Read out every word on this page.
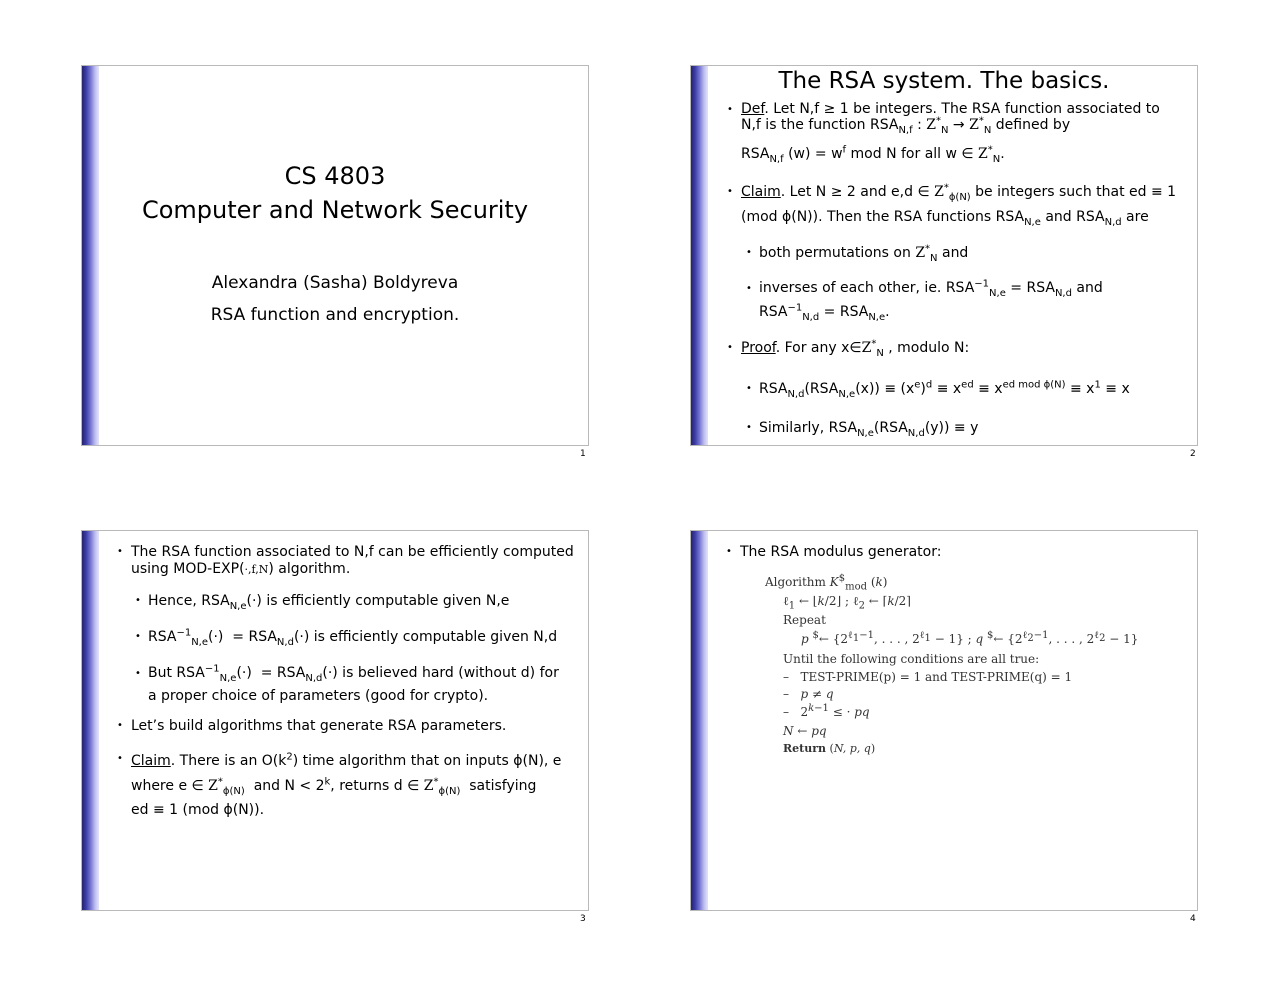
CS 4803
Computer and Network Security
Alexandra (Sasha) Boldyreva
RSA function and encryption.
1
The RSA system. The basics.
• Def. Let N,f ≥ 1 be integers. The RSA function associated to
N,f is the function $RSA_{N,f}$ : $Z^*_N \to Z^*_N$ defined by
$RSA_{N,f}$ $(w) = w^f$ mod N for all w ∈ $Z^*_N$.
• Claim. Let N ≥ 2 and e,d ∈ $Z^*_{\phi(N)}$ be integers such that ed ≡ 1
(mod ϕ(N)). Then the RSA functions $RSA_{N,e}$ and $RSA_{N,d}$ are
• both permutations on $Z^*_N$ and
• inverses of each other, ie. $RSA^{-1}_{N,e} = RSA_{N,d}$ and
$RSA^{-1}_{N,d} = RSA_{N,e}$.
• Proof. For any $x\in Z^*_N$ , modulo N:
• $RSA_{N,d}(RSA_{N,e}(x)) \equiv (x^e)^d \equiv x^{ed} \equiv x^{ed mod \phi(N)} \equiv x^1 \equiv x$
• Similarly, $RSA_{N,e}(RSA_{N,d}(y)) \equiv y$
2
• The RSA function associated to N,f can be efficiently computed
using MOD-EXP(·,f,N) algorithm.
• Hence, $RSA_{N,e}(\cdot)$ is efficiently computable given N,e
• $RSA^{-1}_{N,e}(\cdot) = RSA_{N,d}(\cdot)$ is efficiently computable given N,d
• But $RSA^{-1}_{N,e}(\cdot) = RSA_{N,d}(\cdot)$ is believed hard (without d) for
a proper choice of parameters (good for crypto).
• Let’s build algorithms that generate RSA parameters.
• Claim. There is an $O(k^2)$ time algorithm that on inputs ϕ(N), e
where e ∈ $Z^*_{\phi(N)}$  and $N < 2^k$, returns d ∈ $Z^*_{\phi(N)}$  satisfying
ed ≡ 1 (mod ϕ(N)).
3
• The RSA modulus generator:
Algorithm $K^{\$}_{mod}$ (k)
ℓ$_1$ ← ⌊k/2⌋ ; ℓ$_2$ ← ⌈k/2⌉
Repeat
p $← {$2^{\ell_1-1}$, . . . , $2^{\ell_1} - 1$} ; q $← {$2^{\ell_2-1}$, . . . , $2^{\ell_2} - 1$}
Until the following conditions are all true:
–   TEST-PRIME(p) = 1 and TEST-PRIME(q) = 1
–   p ≠ q
–   $2^{k-1}$ ≤ · pq
N ← pq
Return (N, p, q)
4
